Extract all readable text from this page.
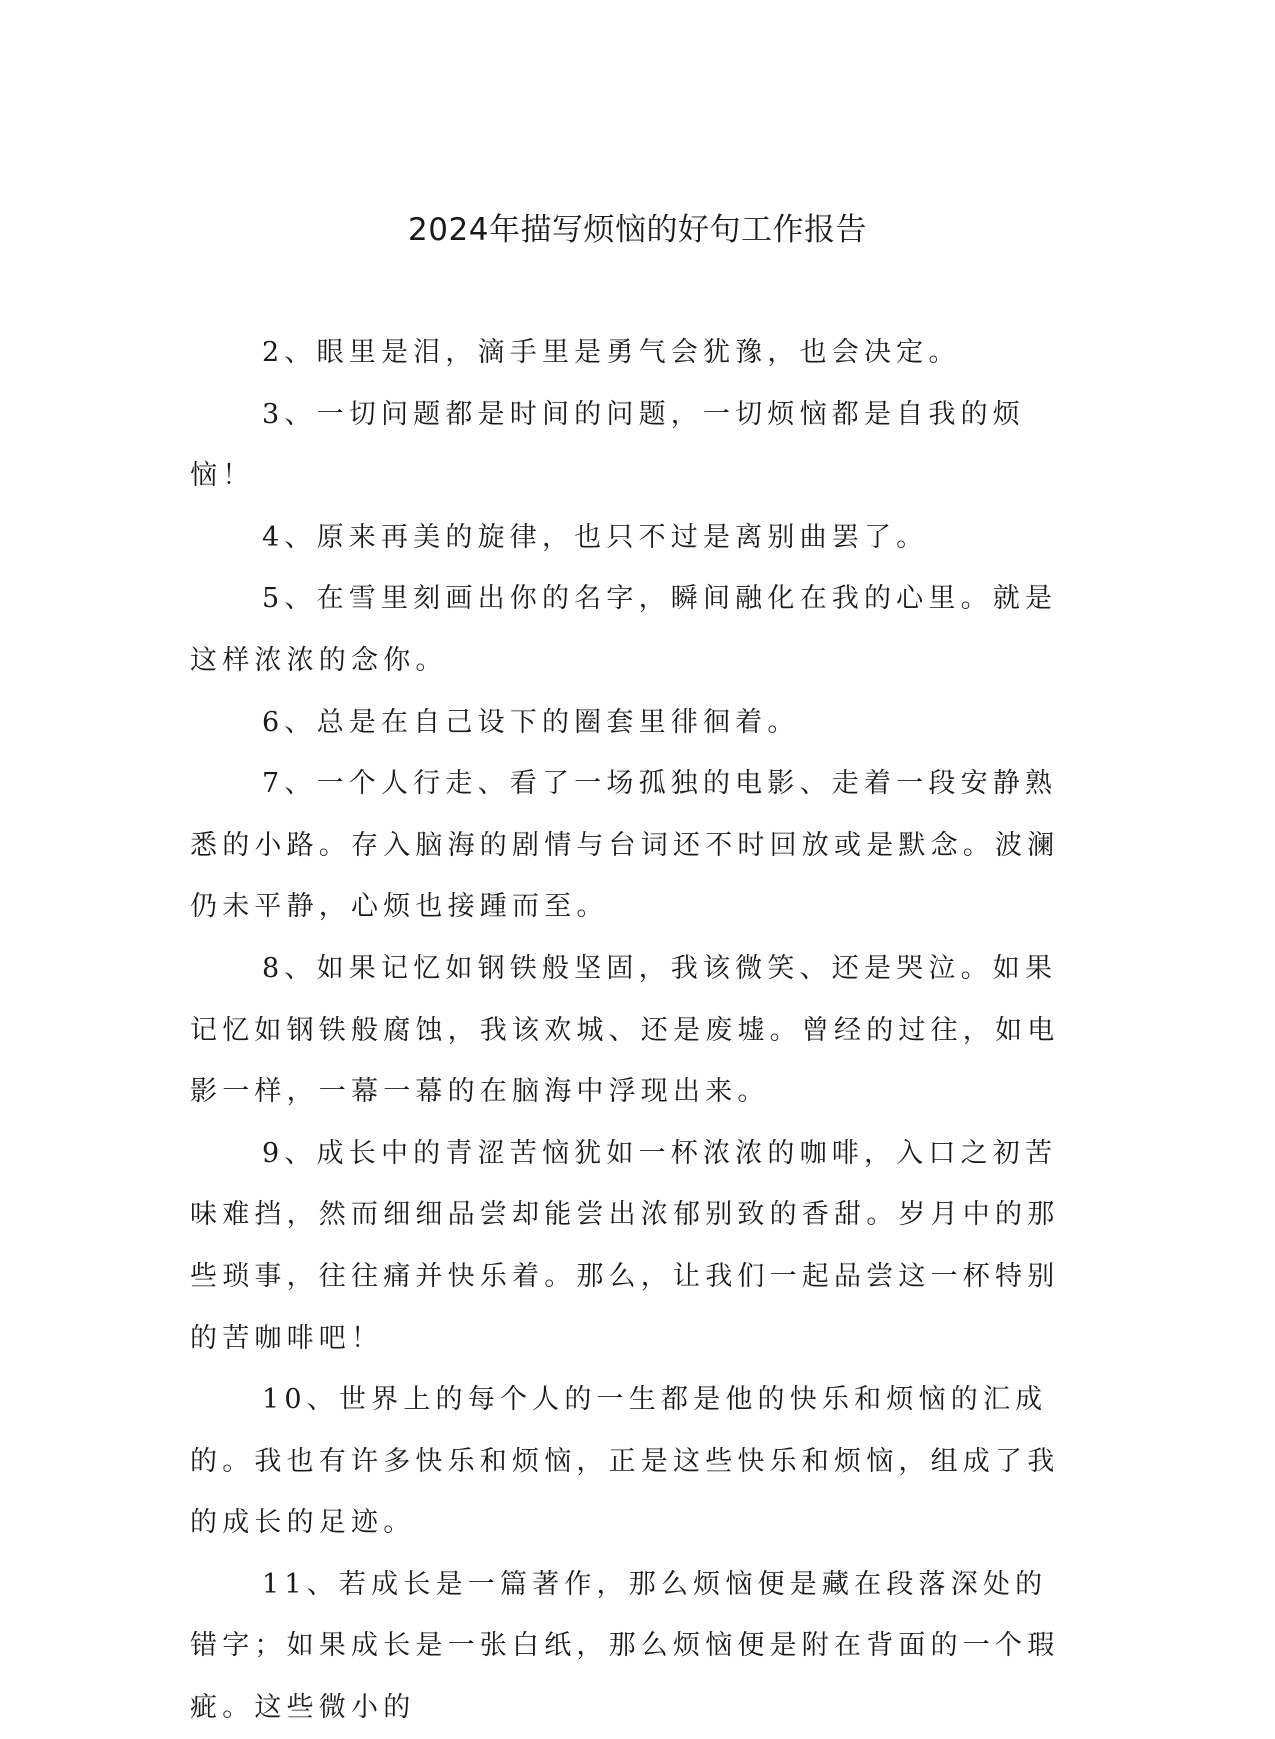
2024年描写烦恼的好句工作报告

2、眼里是泪，滴手里是勇气会犹豫，也会决定。

3、一切问题都是时间的问题，一切烦恼都是自我的烦恼！

4、原来再美的旋律，也只不过是离别曲罢了。

5、在雪里刻画出你的名字，瞬间融化在我的心里。就是这样浓浓的念你。

6、总是在自己设下的圈套里徘徊着。

7、一个人行走、看了一场孤独的电影、走着一段安静熟悉的小路。存入脑海的剧情与台词还不时回放或是默念。波澜仍未平静，心烦也接踵而至。

8、如果记忆如钢铁般坚固，我该微笑、还是哭泣。如果记忆如钢铁般腐蚀，我该欢城、还是废墟。曾经的过往，如电影一样，一幕一幕的在脑海中浮现出来。

9、成长中的青涩苦恼犹如一杯浓浓的咖啡，入口之初苦味难挡，然而细细品尝却能尝出浓郁别致的香甜。岁月中的那些琐事，往往痛并快乐着。那么，让我们一起品尝这一杯特别的苦咖啡吧！

10、世界上的每个人的一生都是他的快乐和烦恼的汇成的。我也有许多快乐和烦恼，正是这些快乐和烦恼，组成了我的成长的足迹。

11、若成长是一篇著作，那么烦恼便是藏在段落深处的错字；如果成长是一张白纸，那么烦恼便是附在背面的一个瑕疵。这些微小的
